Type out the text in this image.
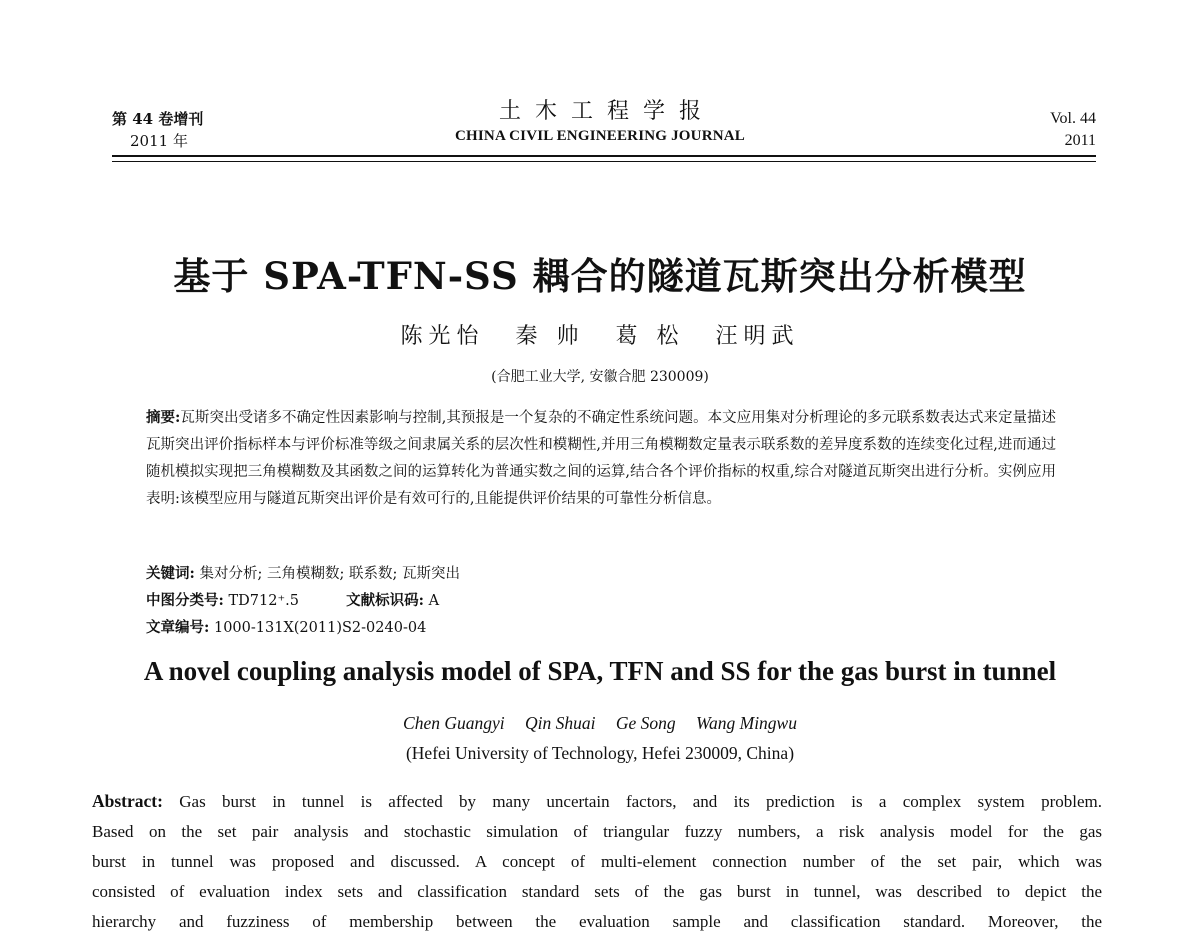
第 44 卷增刊
2011 年
土木工程学报
CHINA CIVIL ENGINEERING JOURNAL
Vol. 44
2011
基于 SPA-TFN-SS 耦合的隧道瓦斯突出分析模型
陈光怡 秦 帅 葛 松 汪明武
(合肥工业大学, 安徽合肥 230009)
摘要:瓦斯突出受诸多不确定性因素影响与控制,其预报是一个复杂的不确定性系统问题。本文应用集对分析理论的多元联系数表达式来定量描述瓦斯突出评价指标样本与评价标准等级之间隶属关系的层次性和模糊性,并用三角模糊数定量表示联系数的差异度系数的连续变化过程,进而通过随机模拟实现把三角模糊数及其函数之间的运算转化为普通实数之间的运算,结合各个评价指标的权重,综合对隧道瓦斯突出进行分析。实例应用表明:该模型应用与隧道瓦斯突出评价是有效可行的,且能提供评价结果的可靠性分析信息。
关键词: 集对分析; 三角模糊数; 联系数; 瓦斯突出
中图分类号: TD712⁺.5	文献标识码: A
文章编号: 1000-131X(2011)S2-0240-04
A novel coupling analysis model of SPA, TFN and SS for the gas burst in tunnel
Chen Guangyi Qin Shuai Ge Song Wang Mingwu
(Hefei University of Technology, Hefei 230009, China)

Abstract: Gas burst in tunnel is affected by many uncertain factors, and its prediction is a complex system problem.

Based on the set pair analysis and stochastic simulation of triangular fuzzy numbers, a risk analysis model for the gas

burst in tunnel was proposed and discussed. A concept of multi-element connection number of the set pair, which was

consisted of evaluation index sets and classification standard sets of the gas burst in tunnel, was described to depict the

hierarchy and fuzziness of membership between the evaluation sample and classification standard. Moreover, the
